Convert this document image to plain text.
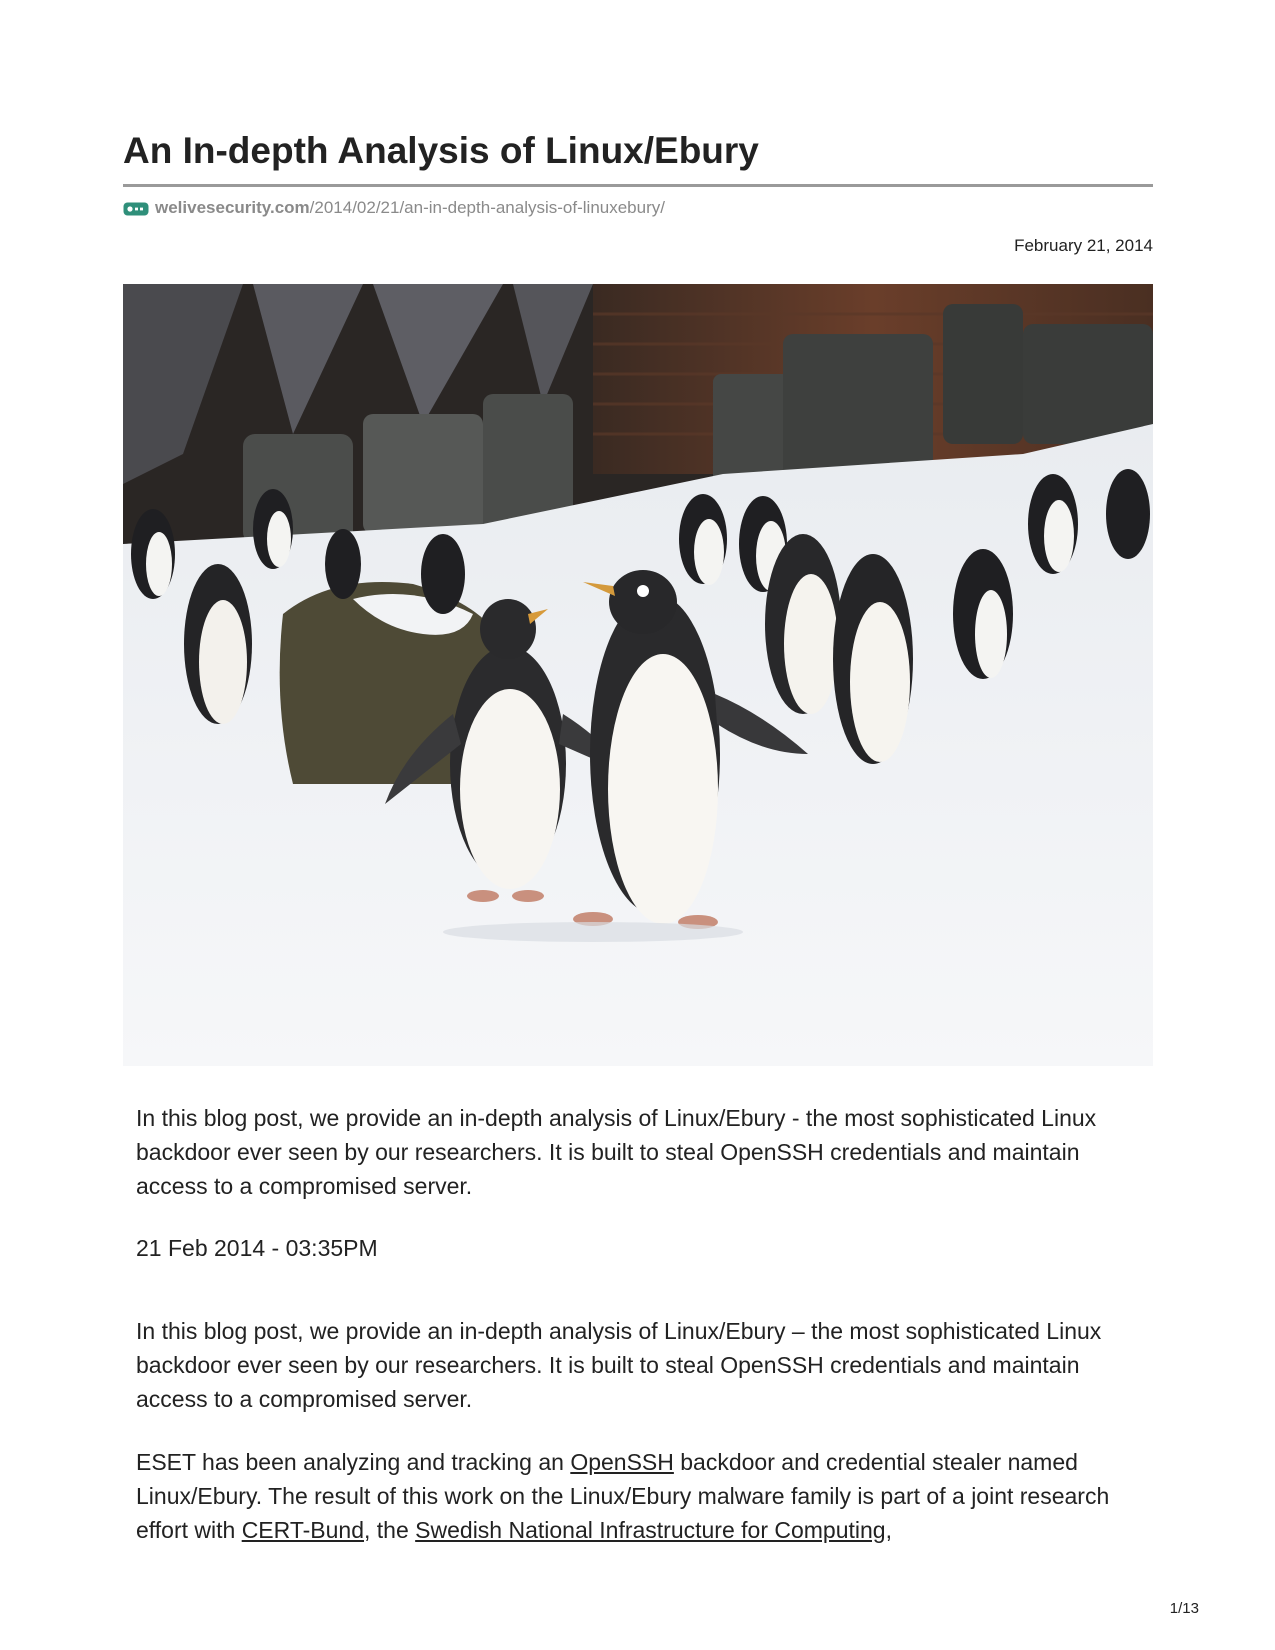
An In-depth Analysis of Linux/Ebury
welivesecurity.com /2014/02/21/an-in-depth-analysis-of-linuxebury/
February 21, 2014

In this blog post, we provide an in-depth analysis of Linux/Ebury - the most sophisticated Linux backdoor ever seen by our researchers. It is built to steal OpenSSH credentials and maintain access to a compromised server.

21 Feb 2014 - 03:35PM

In this blog post, we provide an in-depth analysis of Linux/Ebury – the most sophisticated Linux backdoor ever seen by our researchers. It is built to steal OpenSSH credentials and maintain access to a compromised server.

ESET has been analyzing and tracking an OpenSSH backdoor and credential stealer named Linux/Ebury. The result of this work on the Linux/Ebury malware family is part of a joint research effort with CERT-Bund, the Swedish National Infrastructure for Computing,

1/13
